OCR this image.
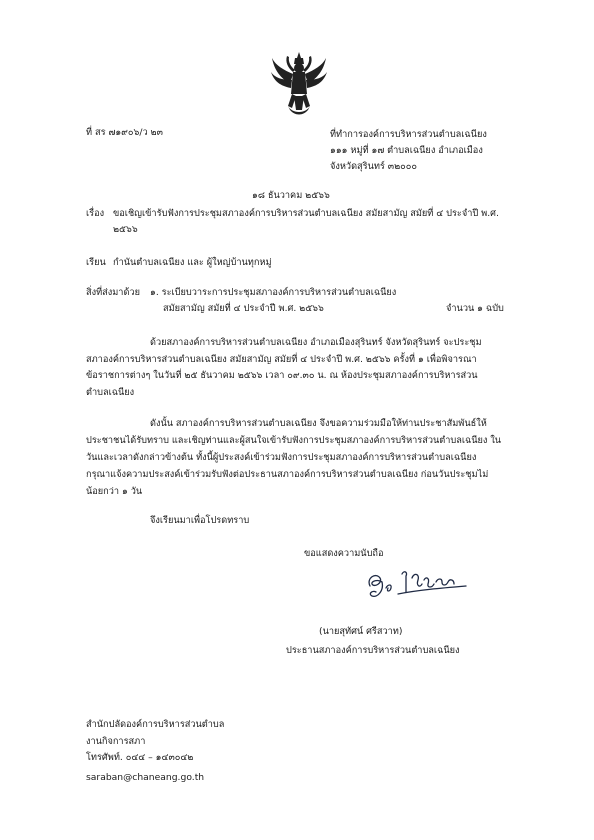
ที่ สร ๗๑๙๐๖/ว ๒๓	ที่ทำการองค์การบริหารส่วนตำบลเฉนียง
๑๑๑ หมู่ที่ ๑๗ ตำบลเฉนียง อำเภอเมือง
จังหวัดสุรินทร์ ๓๒๐๐๐
๑๘ ธันวาคม ๒๕๖๖
เรื่อง ขอเชิญเข้ารับฟังการประชุมสภาองค์การบริหารส่วนตำบลเฉนียง สมัยสามัญ สมัยที่ ๔ ประจำปี พ.ศ.
๒๕๖๖
เรียน กำนันตำบลเฉนียง และ ผู้ใหญ่บ้านทุกหมู่
สิ่งที่ส่งมาด้วย ๑. ระเบียบวาระการประชุมสภาองค์การบริหารส่วนตำบลเฉนียง
สมัยสามัญ สมัยที่ ๔ ประจำปี พ.ศ. ๒๕๖๖	จำนวน ๑ ฉบับ
ด้วยสภาองค์การบริหารส่วนตำบลเฉนียง อำเภอเมืองสุรินทร์ จังหวัดสุรินทร์ จะประชุม
สภาองค์การบริหารส่วนตำบลเฉนียง สมัยสามัญ สมัยที่ ๔ ประจำปี พ.ศ. ๒๕๖๖ ครั้งที่ ๑ เพื่อพิจารณา
ข้อราชการต่างๆ ในวันที่ ๒๕ ธันวาคม ๒๕๖๖ เวลา ๐๙.๓๐ น. ณ ห้องประชุมสภาองค์การบริหารส่วน
ตำบลเฉนียง
ดังนั้น สภาองค์การบริหารส่วนตำบลเฉนียง จึงขอความร่วมมือให้ท่านประชาสัมพันธ์ให้
ประชาชนได้รับทราบ และเชิญท่านและผู้สนใจเข้ารับฟังการประชุมสภาองค์การบริหารส่วนตำบลเฉนียง ใน
วันและเวลาดังกล่าวข้างต้น ทั้งนี้ผู้ประสงค์เข้าร่วมฟังการประชุมสภาองค์การบริหารส่วนตำบลเฉนียง
กรุณาแจ้งความประสงค์เข้าร่วมรับฟังต่อประธานสภาองค์การบริหารส่วนตำบลเฉนียง ก่อนวันประชุมไม่
น้อยกว่า ๑ วัน
จึงเรียนมาเพื่อโปรดทราบ
ขอแสดงความนับถือ
(นายสุทัศน์ ศรีสวาท)
ประธานสภาองค์การบริหารส่วนตำบลเฉนียง
สำนักปลัดองค์การบริหารส่วนตำบล
งานกิจการสภา
โทรศัพท์. ๐๔๔ – ๑๔๓๐๔๒
saraban@chaneang.go.th
